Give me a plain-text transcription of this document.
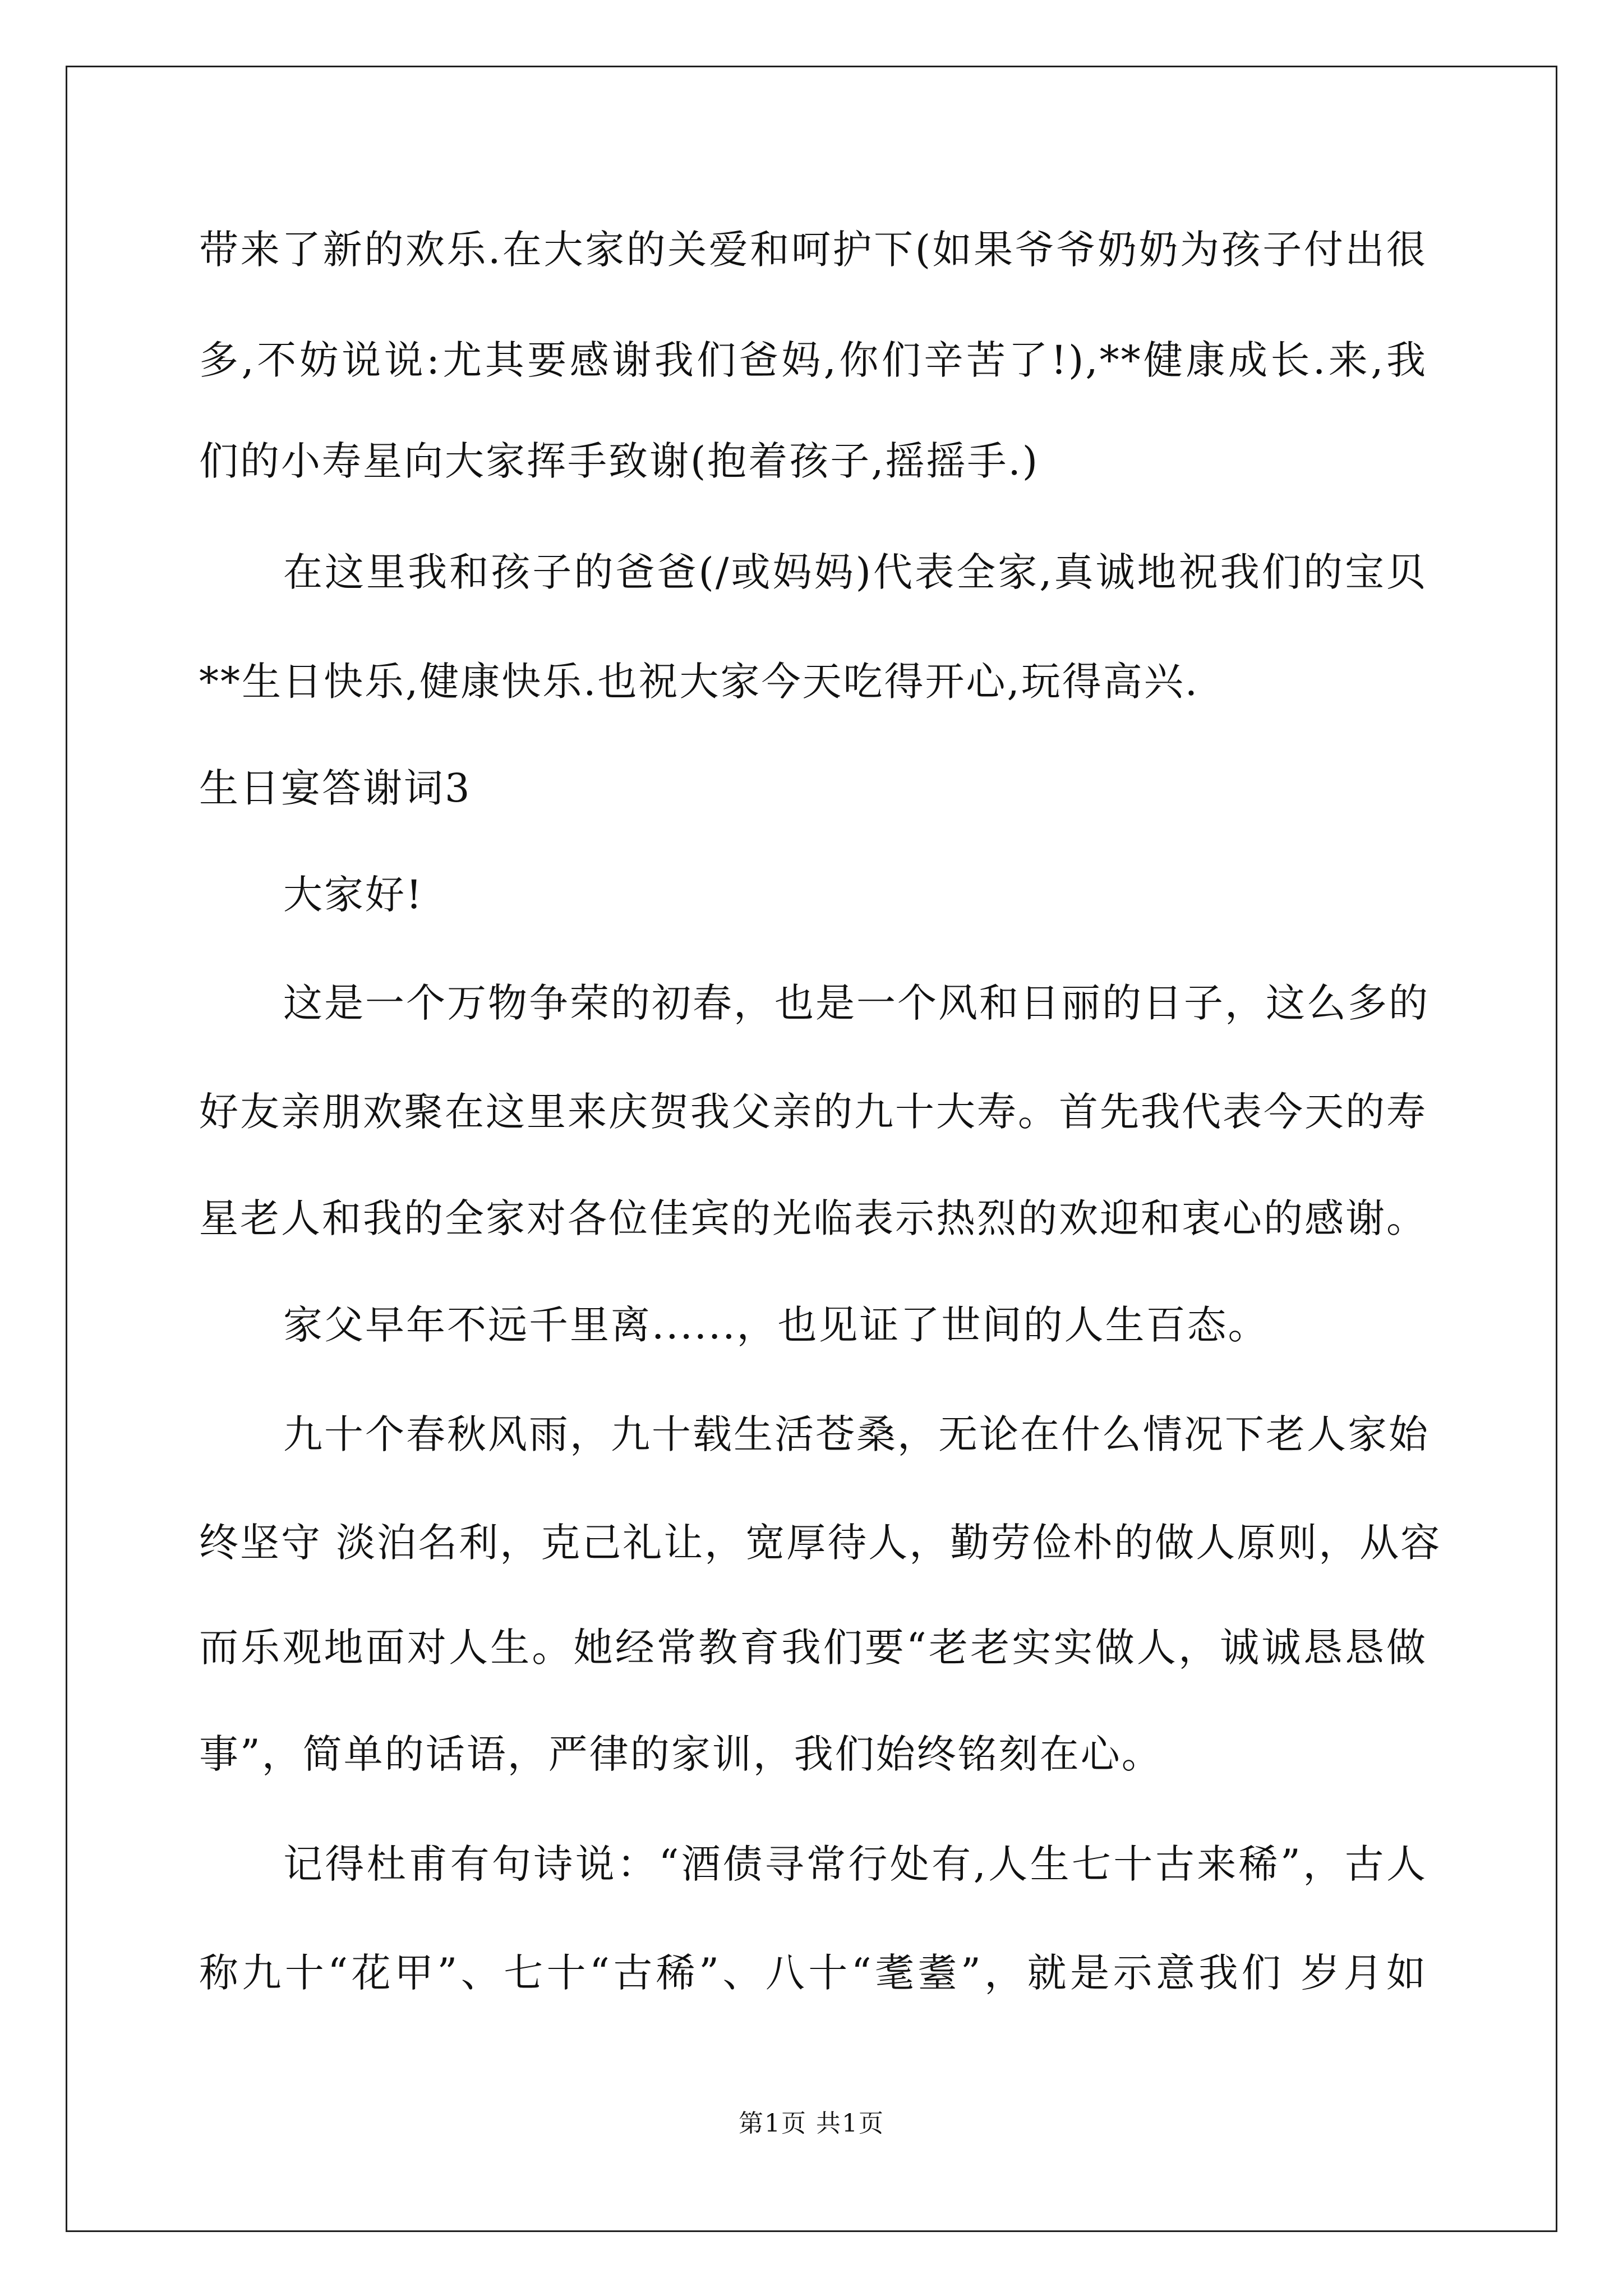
带来了新的欢乐.在大家的关爱和呵护下(如果爷爷奶奶为孩子付出很
多,不妨说说:尤其要感谢我们爸妈,你们辛苦了!),**健康成长.来,我
们的小寿星向大家挥手致谢(抱着孩子,摇摇手.)
在这里我和孩子的爸爸(/或妈妈)代表全家,真诚地祝我们的宝贝
**生日快乐,健康快乐.也祝大家今天吃得开心,玩得高兴.
生日宴答谢词3
大家好!
这是一个万物争荣的初春，也是一个风和日丽的日子，这么多的
好友亲朋欢聚在这里来庆贺我父亲的九十大寿。首先我代表今天的寿
星老人和我的全家对各位佳宾的光临表示热烈的欢迎和衷心的感谢。
家父早年不远千里离......，也见证了世间的人生百态。
九十个春秋风雨，九十载生活苍桑，无论在什么情况下老人家始
终坚守 淡泊名利，克己礼让，宽厚待人，勤劳俭朴的做人原则，从容
而乐观地面对人生。她经常教育我们要“老老实实做人，诚诚恳恳做
事”，简单的话语，严律的家训，我们始终铭刻在心。
记得杜甫有句诗说：“酒债寻常行处有,人生七十古来稀”，古人
称九十“花甲”、七十“古稀”、八十“耄耋”，就是示意我们 岁月如
第1页 共1页
